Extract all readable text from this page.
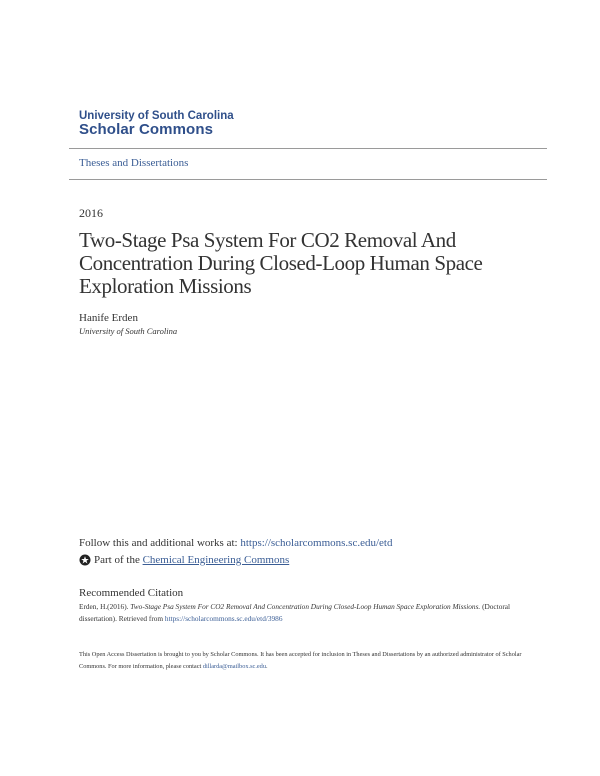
University of South Carolina
Scholar Commons
Theses and Dissertations
2016
Two-Stage Psa System For CO2 Removal And Concentration During Closed-Loop Human Space Exploration Missions
Hanife Erden
University of South Carolina
Follow this and additional works at: https://scholarcommons.sc.edu/etd
Part of the
Chemical Engineering Commons
Recommended Citation
Erden, H.(2016). Two-Stage Psa System For CO2 Removal And Concentration During Closed-Loop Human Space Exploration Missions. (Doctoral dissertation). Retrieved from https://scholarcommons.sc.edu/etd/3986
This Open Access Dissertation is brought to you by Scholar Commons. It has been accepted for inclusion in Theses and Dissertations by an authorized administrator of Scholar Commons. For more information, please contact dillarda@mailbox.sc.edu.
